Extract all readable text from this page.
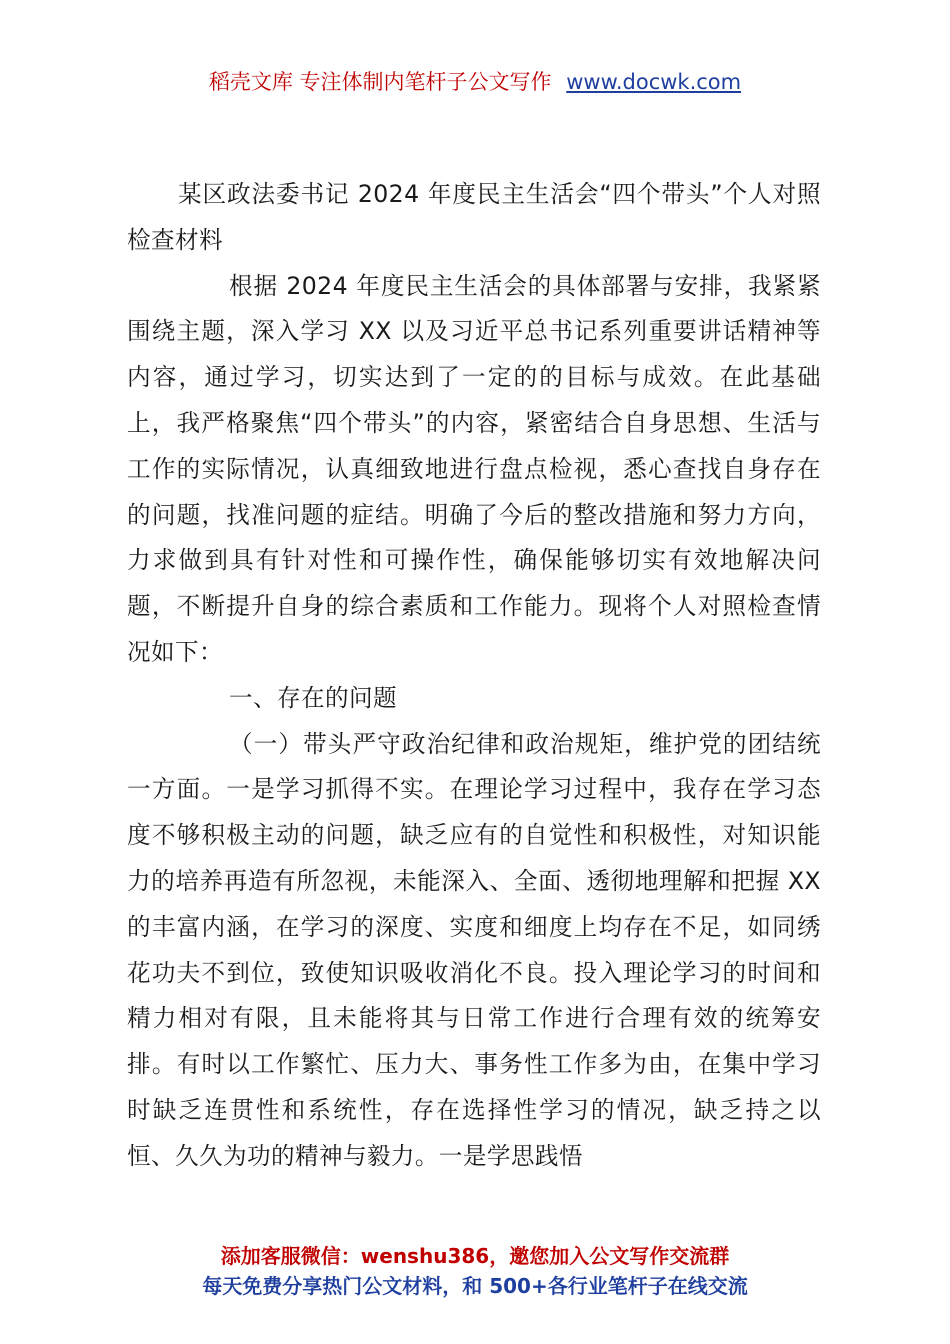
稻壳文库 专注体制内笔杆子公文写作 www.docwk.com

某区政法委书记 2024 年度民主生活会“四个带头”个人对照检查材料

根据 2024 年度民主生活会的具体部署与安排，我紧紧围绕主题，深入学习 XX 以及习近平总书记系列重要讲话精神等内容，通过学习，切实达到了一定的的目标与成效。在此基础上，我严格聚焦“四个带头”的内容，紧密结合自身思想、生活与工作的实际情况，认真细致地进行盘点检视，悉心查找自身存在的问题，找准问题的症结。明确了今后的整改措施和努力方向，力求做到具有针对性和可操作性，确保能够切实有效地解决问题，不断提升自身的综合素质和工作能力。现将个人对照检查情况如下：

一、存在的问题

（一）带头严守政治纪律和政治规矩，维护党的团结统一方面。一是学习抓得不实。在理论学习过程中，我存在学习态度不够积极主动的问题，缺乏应有的自觉性和积极性，对知识能力的培养再造有所忽视，未能深入、全面、透彻地理解和把握 XX 的丰富内涵，在学习的深度、实度和细度上均存在不足，如同绣花功夫不到位，致使知识吸收消化不良。投入理论学习的时间和精力相对有限，且未能将其与日常工作进行合理有效的统筹安排。有时以工作繁忙、压力大、事务性工作多为由，在集中学习时缺乏连贯性和系统性，存在选择性学习的情况，缺乏持之以恒、久久为功的精神与毅力。一是学思践悟

添加客服微信：wenshu386，邀您加入公文写作交流群
每天免费分享热门公文材料，和 500+各行业笔杆子在线交流
